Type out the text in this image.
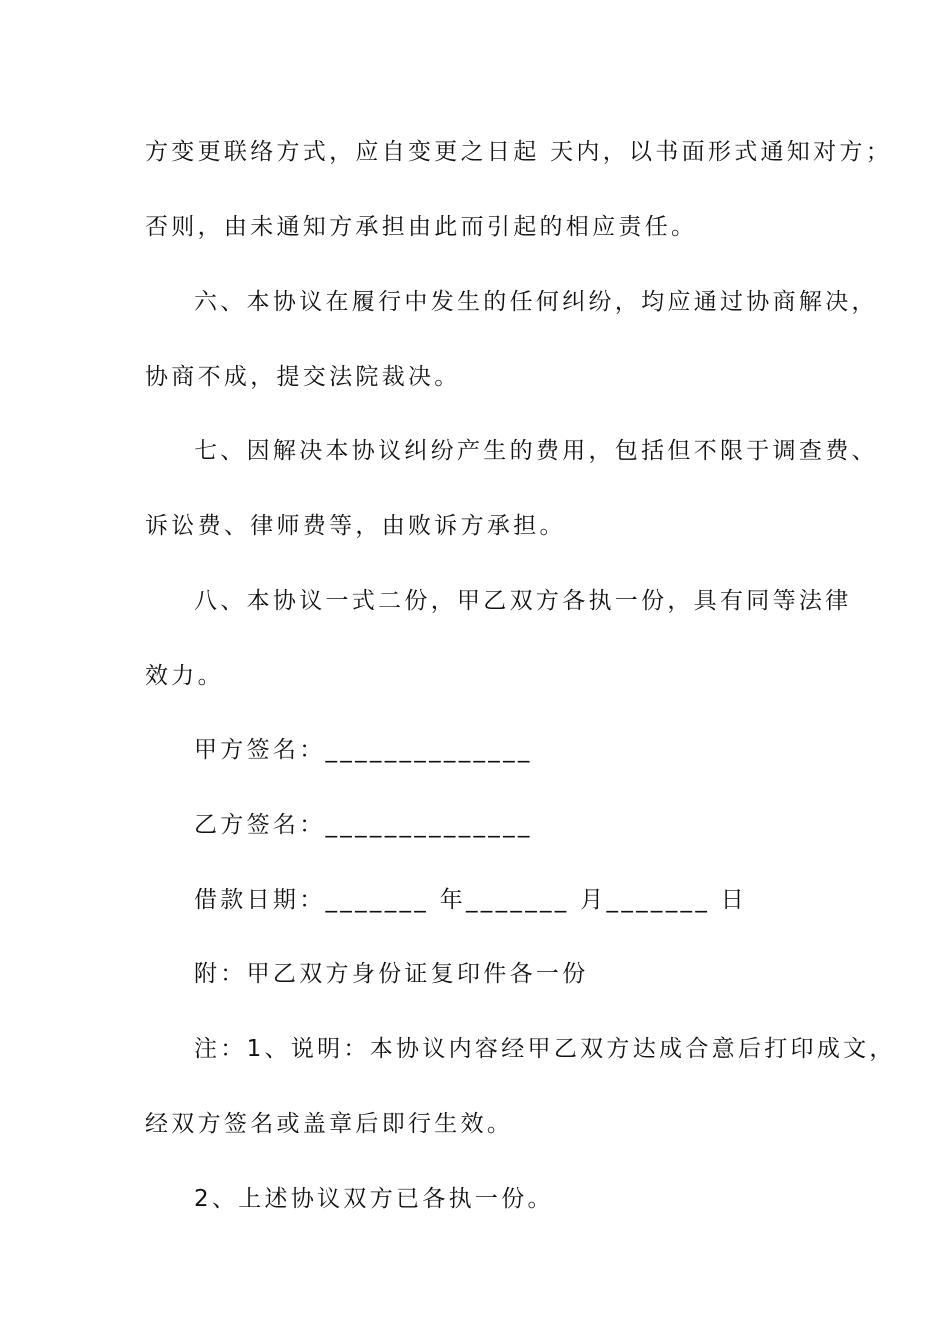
方变更联络方式，应自变更之日起 天内，以书面形式通知对方；
否则，由未通知方承担由此而引起的相应责任。
六、本协议在履行中发生的任何纠纷，均应通过协商解决，
协商不成，提交法院裁决。
七、因解决本协议纠纷产生的费用，包括但不限于调查费、
诉讼费、律师费等，由败诉方承担。
八、本协议一式二份，甲乙双方各执一份，具有同等法律
效力。
甲方签名：______________
乙方签名：______________
借款日期：_______ 年_______ 月_______ 日
附：甲乙双方身份证复印件各一份
注：1、说明：本协议内容经甲乙双方达成合意后打印成文，
经双方签名或盖章后即行生效。
2、上述协议双方已各执一份。
